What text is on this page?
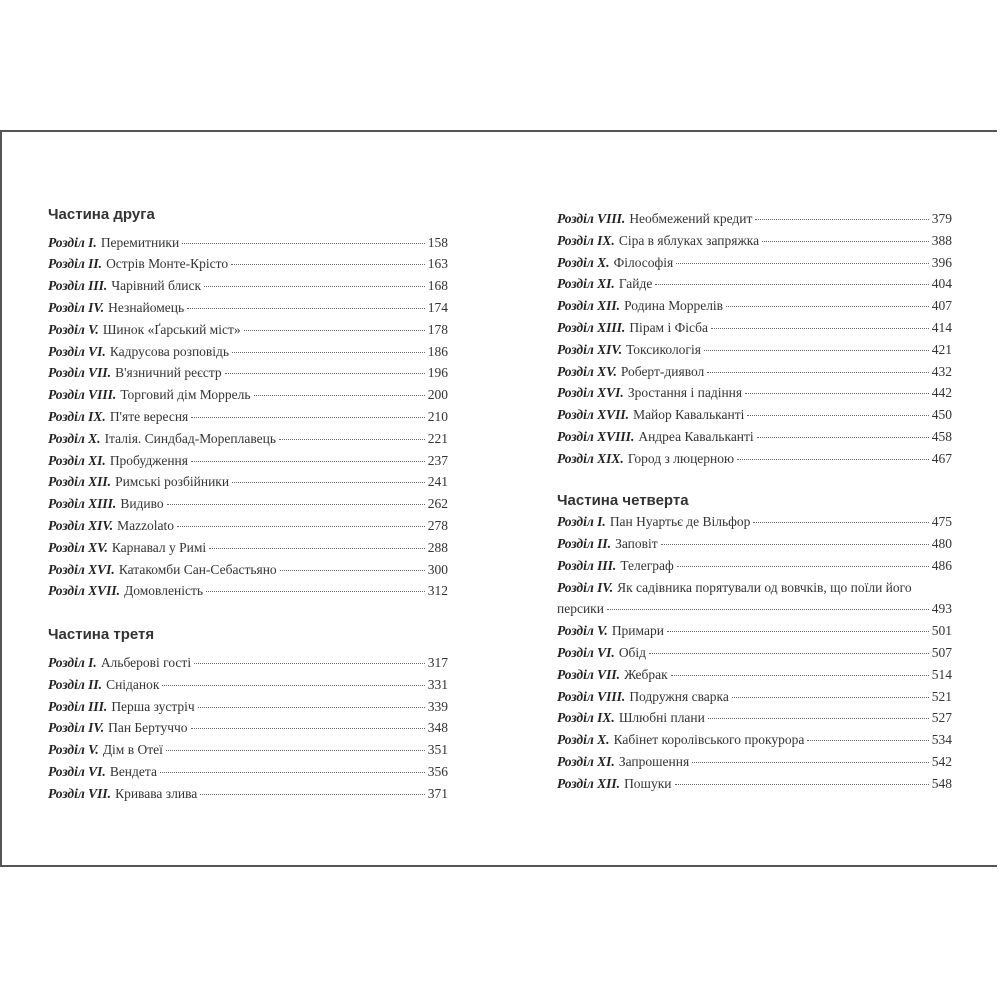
Частина друга
Розділ I. Перемитники	158
Розділ II. Острів Монте-Крісто	163
Розділ III. Чарівний блиск	168
Розділ IV. Незнайомець	174
Розділ V. Шинок «Ґарський міст»	178
Розділ VI. Кадрусова розповідь	186
Розділ VII. В'язничний реєстр	196
Розділ VIII. Торговий дім Моррель	200
Розділ IX. П'яте вересня	210
Розділ X. Італія. Синдбад-Мореплавець	221
Розділ XI. Пробудження	237
Розділ XII. Римські розбійники	241
Розділ XIII. Видиво	262
Розділ XIV. Mazzolato	278
Розділ XV. Карнавал у Римі	288
Розділ XVI. Катакомби Сан-Себастьяно	300
Розділ XVII. Домовленість	312
Частина третя
Розділ I. Альберові гості	317
Розділ II. Сніданок	331
Розділ III. Перша зустріч	339
Розділ IV. Пан Бертуччо	348
Розділ V. Дім в Отеї	351
Розділ VI. Вендета	356
Розділ VII. Кривава злива	371
Розділ VIII. Необмежений кредит	379
Розділ IX. Сіра в яблуках запряжка	388
Розділ X. Філософія	396
Розділ XI. Гайде	404
Розділ XII. Родина Моррелів	407
Розділ XIII. Пірам і Фісба	414
Розділ XIV. Токсикологія	421
Розділ XV. Роберт-диявол	432
Розділ XVI. Зростання і падіння	442
Розділ XVII. Майор Кавальканті	450
Розділ XVIII. Андреа Кавальканті	458
Розділ XIX. Город з люцерною	467
Частина четверта
Розділ I. Пан Нуартьє де Вільфор	475
Розділ II. Заповіт	480
Розділ III. Телеграф	486
Розділ IV. Як садівника порятували од вовчків, що поїли його
персики	493
Розділ V. Примари	501
Розділ VI. Обід	507
Розділ VII. Жебрак	514
Розділ VIII. Подружня сварка	521
Розділ IX. Шлюбні плани	527
Розділ X. Кабінет королівського прокурора	534
Розділ XI. Запрошення	542
Розділ XII. Пошуки	548
